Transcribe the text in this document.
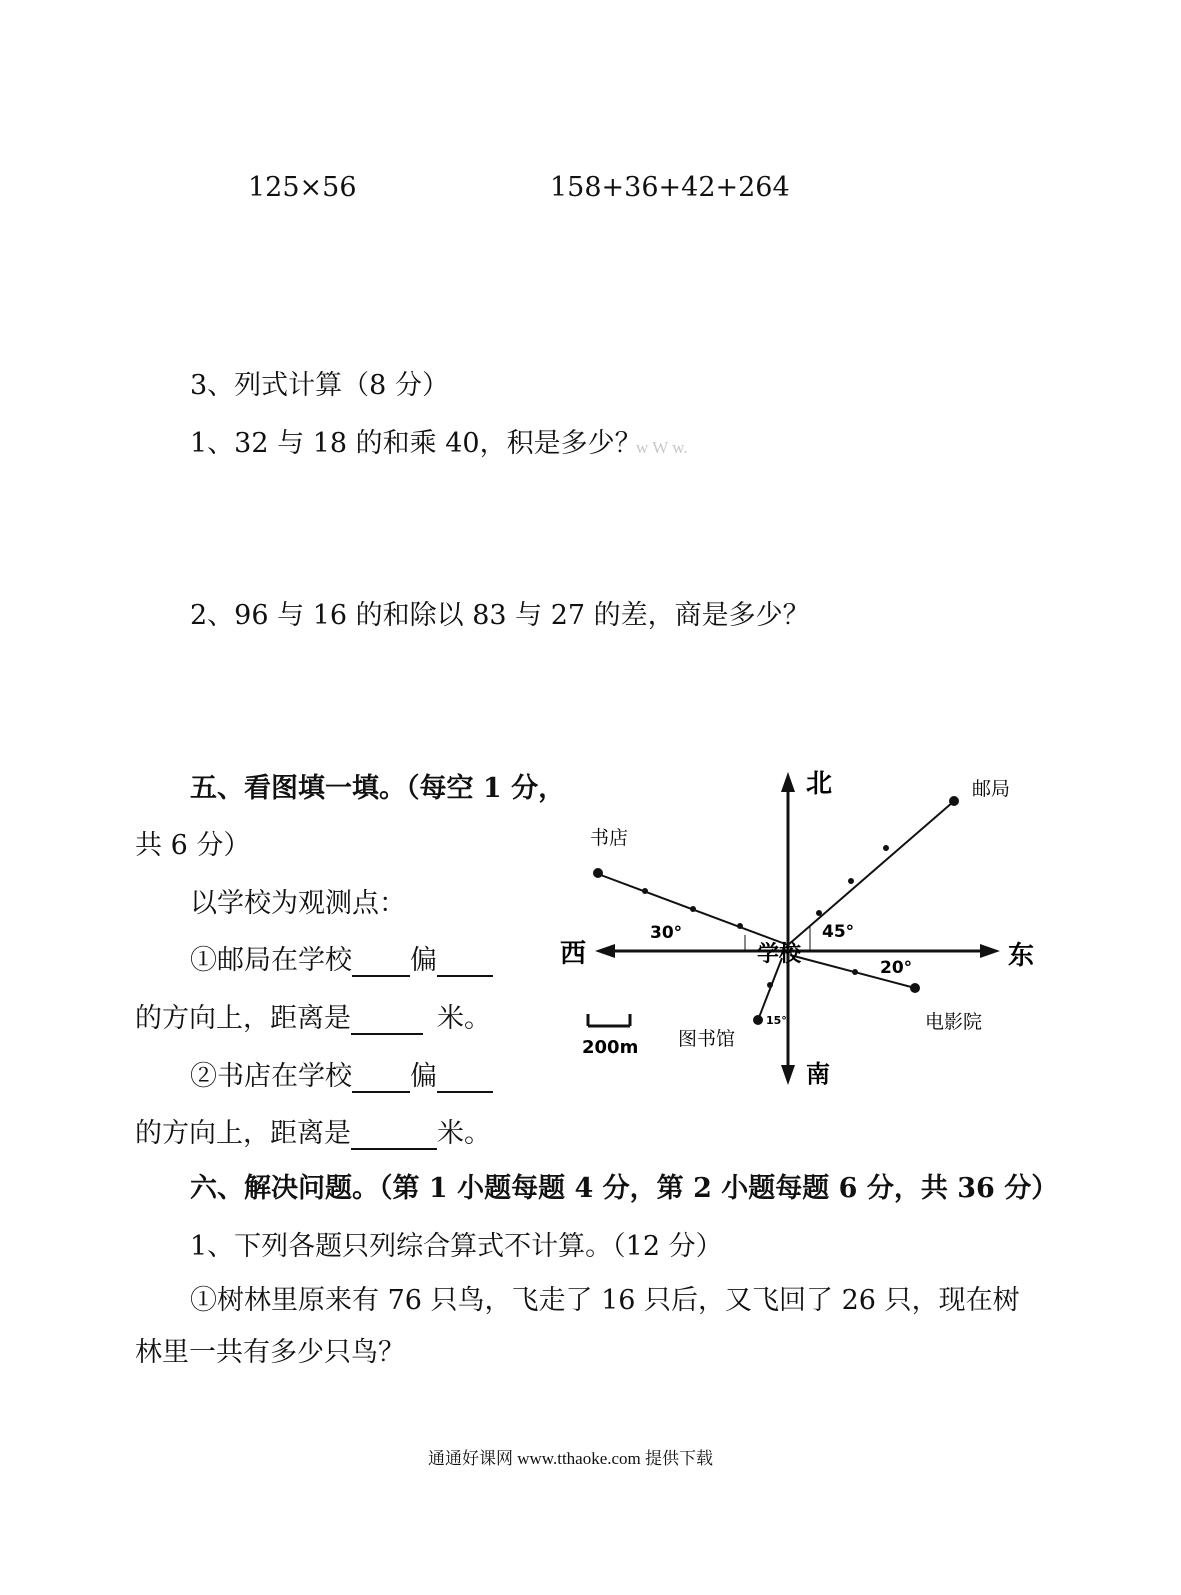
125×56	158+36+42+264
3、列式计算（8 分）
1、32 与 18 的和乘 40，积是多少？
w W w.
2、96 与 16 的和除以 83 与 27 的差，商是多少？
五、看图填一填。（每空 1 分，
共 6 分）
以学校为观测点：
①邮局在学校 偏
的方向上，距离是	米。
②书店在学校 偏
的方向上，距离是	米。
北
南
西	东
学校
邮局
书店
电影院
图书馆
30°	45°
20°
15°
200m
六、解决问题。（第 1 小题每题 4 分，第 2 小题每题 6 分，共 36 分）
1、下列各题只列综合算式不计算。（12 分）
①树林里原来有 76 只鸟，飞走了 16 只后，又飞回了 26 只，现在树
林里一共有多少只鸟？
通通好课网 www.tthaoke.com 提供下载
